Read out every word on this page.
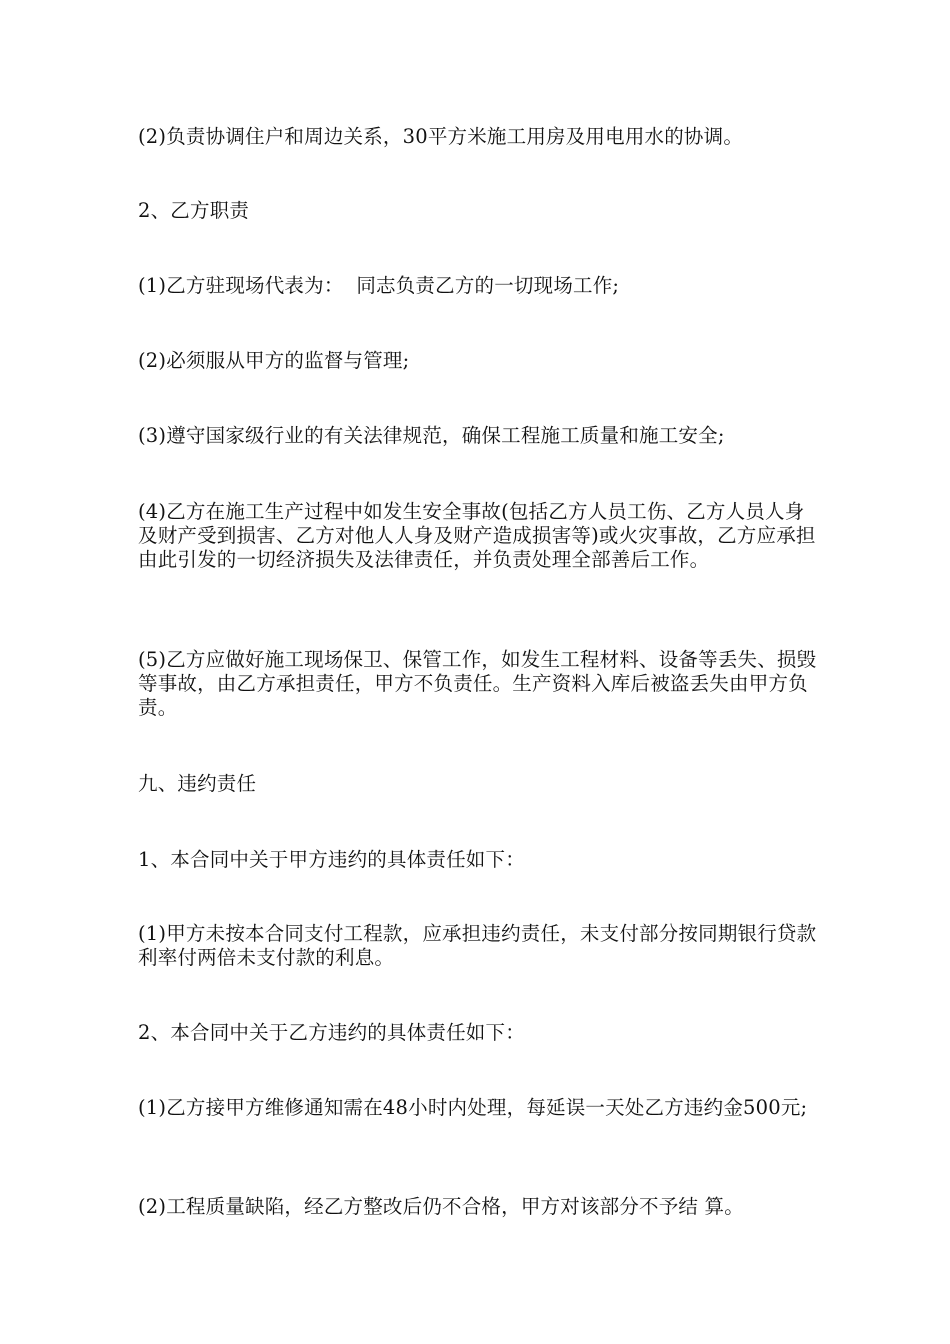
(2)负责协调住户和周边关系，30平方米施工用房及用电用水的协调。

2、乙方职责

(1)乙方驻现场代表为：  同志负责乙方的一切现场工作;

(2)必须服从甲方的监督与管理;

(3)遵守国家级行业的有关法律规范，确保工程施工质量和施工安全;

(4)乙方在施工生产过程中如发生安全事故(包括乙方人员工伤、乙方人员人身及财产受到损害、乙方对他人人身及财产造成损害等)或火灾事故，乙方应承担由此引发的一切经济损失及法律责任，并负责处理全部善后工作。

(5)乙方应做好施工现场保卫、保管工作，如发生工程材料、设备等丢失、损毁等事故，由乙方承担责任，甲方不负责任。生产资料入库后被盗丢失由甲方负责。

九、违约责任

1、本合同中关于甲方违约的具体责任如下：

(1)甲方未按本合同支付工程款，应承担违约责任，未支付部分按同期银行贷款利率付两倍未支付款的利息。

2、本合同中关于乙方违约的具体责任如下：

(1)乙方接甲方维修通知需在48小时内处理，每延误一天处乙方违约金500元;

(2)工程质量缺陷，经乙方整改后仍不合格，甲方对该部分不予结 算。
